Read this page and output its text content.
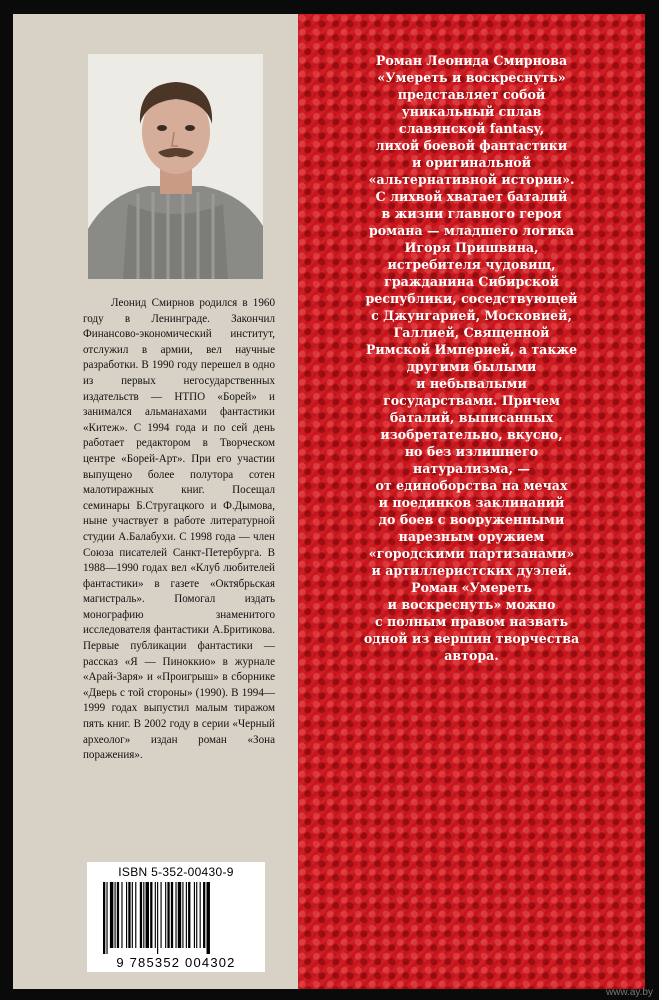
Леонид Смирнов родился в 1960 году в Ленинграде. Закончил Финансово-экономический институт, отслужил в армии, вел научные разработки. В 1990 году перешел в одно из первых негосударственных издательств — НТПО «Борей» и занимался альманахами фантастики «Китеж». С 1994 года и по сей день работает редактором в Творческом центре «Борей-Арт». При его участии выпущено более полутора сотен малотиражных книг. Посещал семинары Б.Стругацкого и Ф.Дымова, ныне участвует в работе литературной студии А.Балабухи. С 1998 года — член Союза писателей Санкт-Петербурга. В 1988—1990 годах вел «Клуб любителей фантастики» в газете «Октябрьская магистраль». Помогал издать монографию знаменитого исследователя фантастики А.Бритикова. Первые публикации фантастики — рассказ «Я — Пиноккио» в журнале «Арай-Заря» и «Проигрыш» в сборнике «Дверь с той стороны» (1990). В 1994—1999 годах выпустил малым тиражом пять книг. В 2002 году в серии «Черный археолог» издан роман «Зона поражения».

ISBN 5-352-00430-9
9 785352 004302

Роман Леонида Смирнова
«Умереть и воскреснуть»
представляет собой
уникальный сплав
славянской fantasy,
лихой боевой фантастики
и оригинальной
«альтернативной истории».
С лихвой хватает баталий
в жизни главного героя
романа — младшего логика
Игоря Пришвина,
истребителя чудовищ,
гражданина Сибирской
республики, соседствующей
с Джунгарией, Московией,
Галлией, Священной
Римской Империей, а также
другими былыми
и небывалыми
государствами. Причем
баталий, выписанных
изобретательно, вкусно,
но без излишнего
натурализма, —
от единоборства на мечах
и поединков заклинаний
до боев с вооруженными
нарезным оружием
«городскими партизанами»
и артиллеристских дуэлей.
Роман «Умереть
и воскреснуть» можно
с полным правом назвать
одной из вершин творчества
автора.

www.ay.by
